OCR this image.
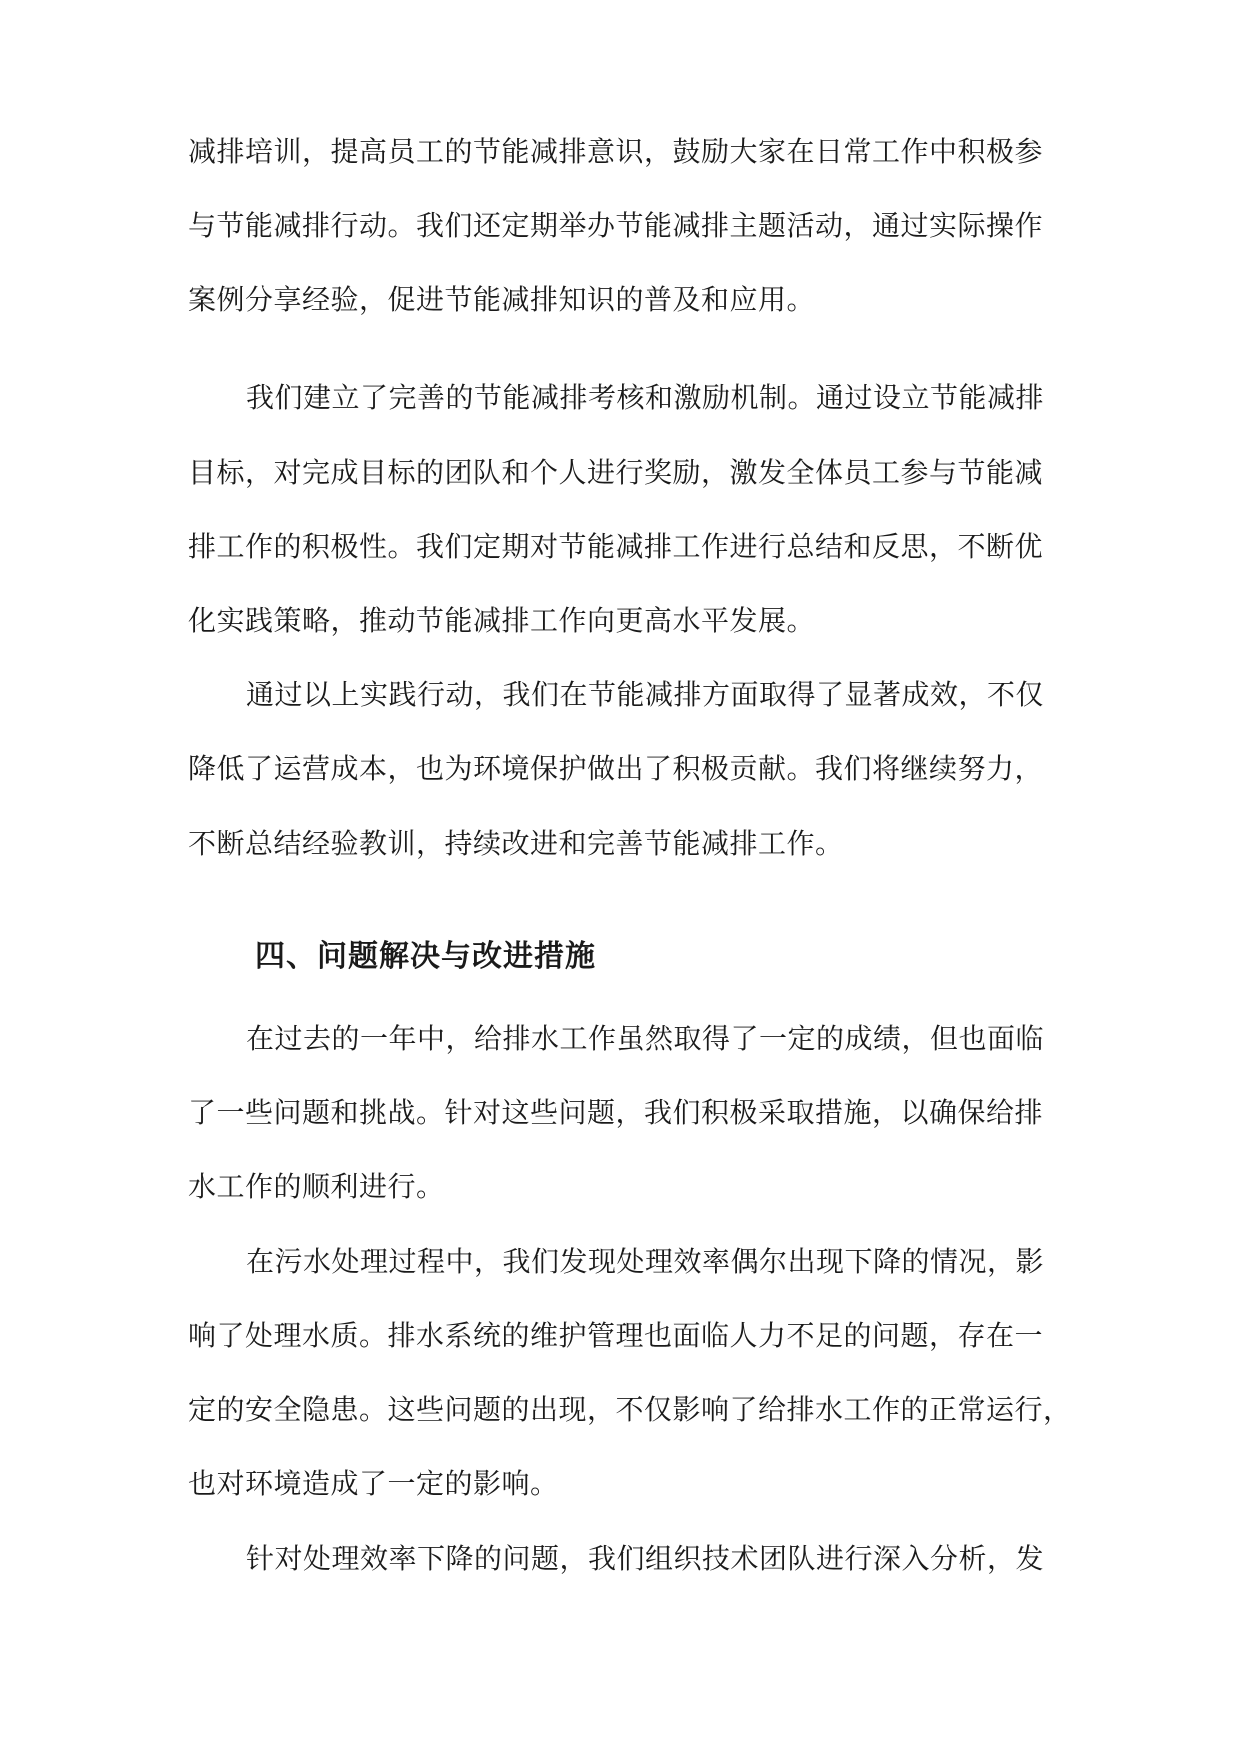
减排培训，提高员工的节能减排意识，鼓励大家在日常工作中积极参
与节能减排行动。我们还定期举办节能减排主题活动，通过实际操作
案例分享经验，促进节能减排知识的普及和应用。
我们建立了完善的节能减排考核和激励机制。通过设立节能减排
目标，对完成目标的团队和个人进行奖励，激发全体员工参与节能减
排工作的积极性。我们定期对节能减排工作进行总结和反思，不断优
化实践策略，推动节能减排工作向更高水平发展。
通过以上实践行动，我们在节能减排方面取得了显著成效，不仅
降低了运营成本，也为环境保护做出了积极贡献。我们将继续努力，
不断总结经验教训，持续改进和完善节能减排工作。
四、问题解决与改进措施
在过去的一年中，给排水工作虽然取得了一定的成绩，但也面临
了一些问题和挑战。针对这些问题，我们积极采取措施，以确保给排
水工作的顺利进行。
在污水处理过程中，我们发现处理效率偶尔出现下降的情况，影
响了处理水质。排水系统的维护管理也面临人力不足的问题，存在一
定的安全隐患。这些问题的出现，不仅影响了给排水工作的正常运行，
也对环境造成了一定的影响。
针对处理效率下降的问题，我们组织技术团队进行深入分析，发
